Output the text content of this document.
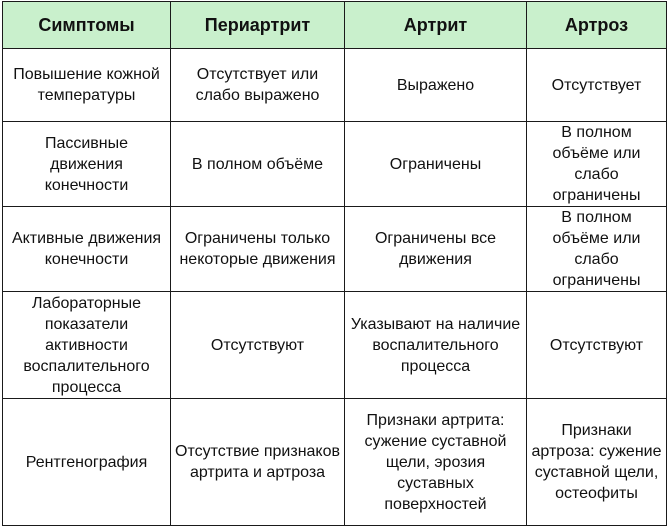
Симптомы	Периартрит	Артрит	Артроз
Повышение кожной температуры	Отсутствует или слабо выражено	Выражено	Отсутствует
Пассивные движения конечности	В полном объёме	Ограничены	В полном объёме или слабо ограничены
Активные движения конечности	Ограничены только некоторые движения	Ограничены все движения	В полном объёме или слабо ограничены
Лабораторные показатели активности воспалительного процесса	Отсутствуют	Указывают на наличие воспалительного процесса	Отсутствуют
Рентгенография	Отсутствие признаков артрита и артроза	Признаки артрита: сужение суставной щели, эрозия суставных поверхностей	Признаки артроза: сужение суставной щели, остеофиты
